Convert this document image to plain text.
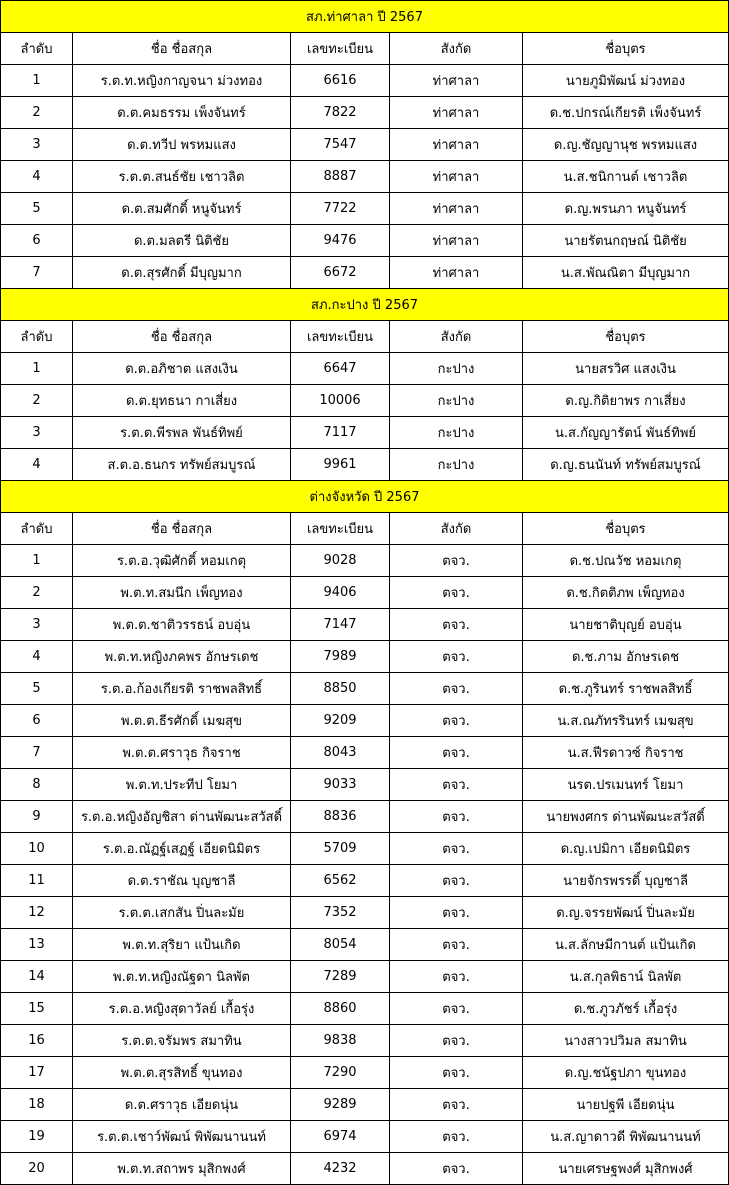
สภ.ท่าศาลา ปี 2567				
ลำดับ	ชื่อ ชื่อสกุล	เลขทะเบียน	สังกัด	ชื่อบุตร
1	ร.ต.ท.หญิงกาญจนา ม่วงทอง	6616	ท่าศาลา	นายภูมิพัฒน์ ม่วงทอง
2	ด.ต.คมธรรม เพ็งจันทร์	7822	ท่าศาลา	ด.ช.ปกรณ์เกียรติ เพ็งจันทร์
3	ด.ต.ทวีป พรหมแสง	7547	ท่าศาลา	ด.ญ.ชัญญานุช พรหมแสง
4	ร.ต.ต.สนธ์ชัย เชาวลิต	8887	ท่าศาลา	น.ส.ชนิกานต์ เชาวลิต
5	ด.ต.สมศักดิ์ หนูจันทร์	7722	ท่าศาลา	ด.ญ.พรนภา หนูจันทร์
6	ด.ต.มลตรี นิติชัย	9476	ท่าศาลา	นายรัตนกฤษณ์ นิติชัย
7	ด.ต.สุรศักดิ์ มีบุญมาก	6672	ท่าศาลา	น.ส.พัณณิตา มีบุญมาก
สภ.กะปาง ปี 2567				
ลำดับ	ชื่อ ชื่อสกุล	เลขทะเบียน	สังกัด	ชื่อบุตร
1	ด.ต.อภิชาต แสงเงิน	6647	กะปาง	นายสรวิศ แสงเงิน
2	ด.ต.ยุทธนา กาเสี่ยง	10006	กะปาง	ด.ญ.กิติยาพร กาเสี่ยง
3	ร.ต.ต.พีรพล พันธ์ทิพย์	7117	กะปาง	น.ส.กัญญารัตน์ พันธ์ทิพย์
4	ส.ต.อ.ธนกร ทรัพย์สมบูรณ์	9961	กะปาง	ด.ญ.ธนนันท์ ทรัพย์สมบูรณ์
ต่างจังหวัด ปี 2567				
ลำดับ	ชื่อ ชื่อสกุล	เลขทะเบียน	สังกัด	ชื่อบุตร
1	ร.ต.อ.วุฒิศักดิ์ หอมเกตุ	9028	ตจว.	ด.ช.ปณวัช หอมเกตุ
2	พ.ต.ท.สมนึก เพ็ญทอง	9406	ตจว.	ด.ช.กิตติภพ เพ็ญทอง
3	พ.ต.ต.ชาติวรรธน์ อบอุ่น	7147	ตจว.	นายชาติบุญย์ อบอุ่น
4	พ.ต.ท.หญิงภคพร อักษรเดช	7989	ตจว.	ด.ช.ภาม อักษรเดช
5	ร.ต.อ.ก้องเกียรติ ราชพลสิทธิ์	8850	ตจว.	ด.ช.ภูรินทร์ ราชพลสิทธิ์
6	พ.ต.ต.ธีรศักดิ์ เมฆสุข	9209	ตจว.	น.ส.ณภัทรรินทร์ เมฆสุข
7	พ.ต.ต.ศราวุธ กิจราช	8043	ตจว.	น.ส.ฟีรดาวซ์ กิจราช
8	พ.ต.ท.ประทีป โยมา	9033	ตจว.	นรต.ปรเมนทร์ โยมา
9	ร.ต.อ.หญิงอัญชิสา ด่านพัฒนะสวัสดิ์	8836	ตจว.	นายพงศกร ด่านพัฒนะสวัสดิ์
10	ร.ต.อ.ณัฏฐ์เสฏฐ์ เอียดนิมิตร	5709	ตจว.	ด.ญ.เปมิกา เอียดนิมิตร
11	ด.ต.ราชัณ บุญชาลี	6562	ตจว.	นายจักรพรรดิ์ บุญชาลี
12	ร.ต.ต.เสกสัน ปิ่นละมัย	7352	ตจว.	ด.ญ.จรรยพัฒน์ ปิ่นละมัย
13	พ.ต.ท.สุริยา แป้นเกิด	8054	ตจว.	น.ส.ลักษมีกานต์ แป้นเกิด
14	พ.ต.ท.หญิงณัฐดา นิลพัต	7289	ตจว.	น.ส.กุลพิธาน์ นิลพัต
15	ร.ต.อ.หญิงสุดาวัลย์ เกื้อรุ่ง	8860	ตจว.	ด.ช.ภูวภัชร์ เกื้อรุ่ง
16	ร.ต.ต.จรัมพร สมาทิน	9838	ตจว.	นางสาวปวิมล สมาทิน
17	พ.ต.ต.สุรสิทธิ์ ขุนทอง	7290	ตจว.	ด.ญ.ชนัฐปภา ขุนทอง
18	ด.ต.ศราวุธ เอียดนุ่น	9289	ตจว.	นายปฐพี เอียดนุ่น
19	ร.ต.ต.เชาว์พัฒน์ พิพัฒนานนท์	6974	ตจว.	น.ส.ญาดาวดี พิพัฒนานนท์
20	พ.ต.ท.สถาพร มุสิกพงศ์	4232	ตจว.	นายเศรษฐพงศ์ มุสิกพงศ์
